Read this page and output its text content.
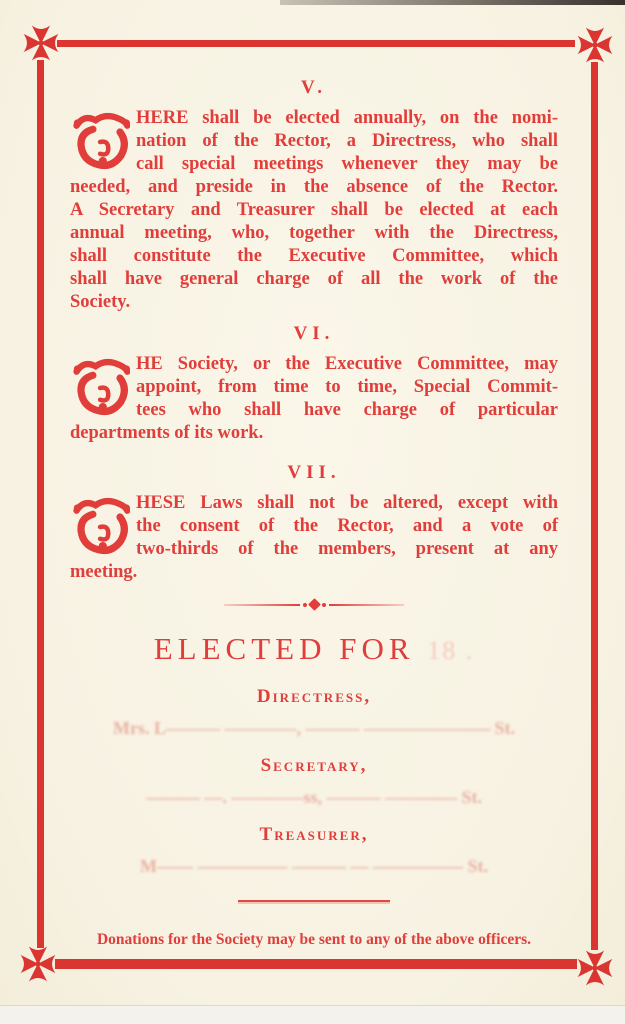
V.
HERE shall be elected annually, on the nomi-
nation of the Rector, a Directress, who shall
call special meetings whenever they may be
needed, and preside in the absence of the Rector.
A Secretary and Treasurer shall be elected at each
annual meeting, who, together with the Directress,
shall constitute the Executive Committee, which
shall have general charge of all the work of the
Society.
VI.
HE Society, or the Executive Committee, may
appoint, from time to time, Special Commit-
tees who shall have charge of particular
departments of its work.
VII.
HESE Laws shall not be altered, except with
the consent of the Rector, and a vote of
two-thirds of the members, present at any
meeting.
ELECTED FOR 18 .
Directress,
Mrs. L——— ————, ——— ——————— St.
Secretary,
——— —. ————ss, ——— ———— St.
Treasurer,
M—— ————— ——— — ————— St.
Donations for the Society may be sent to any of the above officers.
